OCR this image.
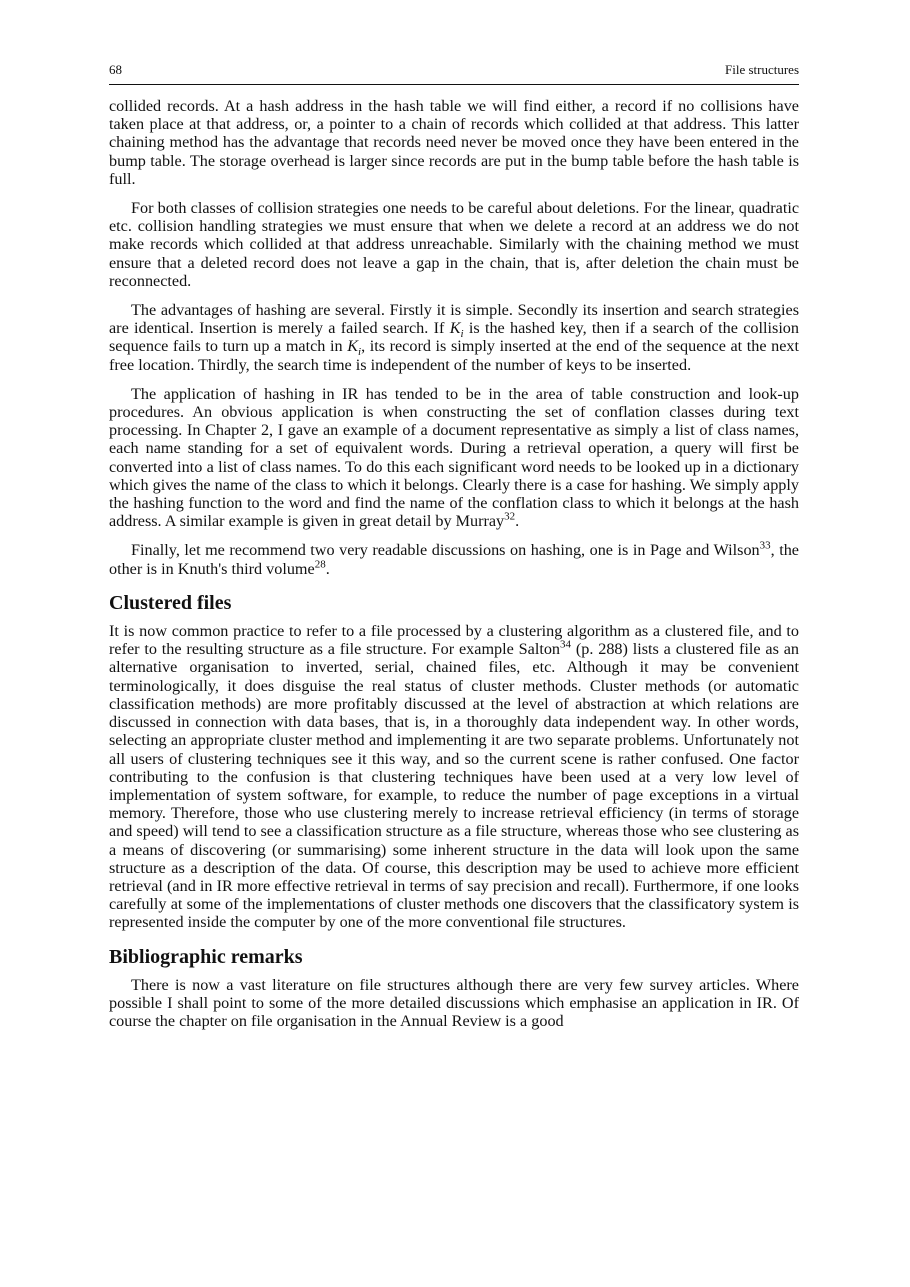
68	File structures

collided records. At a hash address in the hash table we will find either, a record if no collisions have taken place at that address, or, a pointer to a chain of records which collided at that address. This latter chaining method has the advantage that records need never be moved once they have been entered in the bump table. The storage overhead is larger since records are put in the bump table before the hash table is full.

For both classes of collision strategies one needs to be careful about deletions. For the linear, quadratic etc. collision handling strategies we must ensure that when we delete a record at an address we do not make records which collided at that address unreachable. Similarly with the chaining method we must ensure that a deleted record does not leave a gap in the chain, that is, after deletion the chain must be reconnected.

The advantages of hashing are several. Firstly it is simple. Secondly its insertion and search strategies are identical. Insertion is merely a failed search. If $K_i$ is the hashed key, then if a search of the collision sequence fails to turn up a match in $K_i$, its record is simply inserted at the end of the sequence at the next free location. Thirdly, the search time is independent of the number of keys to be inserted.

The application of hashing in IR has tended to be in the area of table construction and look-up procedures. An obvious application is when constructing the set of conflation classes during text processing. In Chapter 2, I gave an example of a document representative as simply a list of class names, each name standing for a set of equivalent words. During a retrieval operation, a query will first be converted into a list of class names. To do this each significant word needs to be looked up in a dictionary which gives the name of the class to which it belongs. Clearly there is a case for hashing. We simply apply the hashing function to the word and find the name of the conflation class to which it belongs at the hash address. A similar example is given in great detail by Murray$^{32}$.

Finally, let me recommend two very readable discussions on hashing, one is in Page and Wilson$^{33}$, the other is in Knuth's third volume$^{28}$.

Clustered files

It is now common practice to refer to a file processed by a clustering algorithm as a clustered file, and to refer to the resulting structure as a file structure. For example Salton$^{34}$ (p. 288) lists a clustered file as an alternative organisation to inverted, serial, chained files, etc. Although it may be convenient terminologically, it does disguise the real status of cluster methods. Cluster methods (or automatic classification methods) are more profitably discussed at the level of abstraction at which relations are discussed in connection with data bases, that is, in a thoroughly data independent way. In other words, selecting an appropriate cluster method and implementing it are two separate problems. Unfortunately not all users of clustering techniques see it this way, and so the current scene is rather confused. One factor contributing to the confusion is that clustering techniques have been used at a very low level of implementation of system software, for example, to reduce the number of page exceptions in a virtual memory. Therefore, those who use clustering merely to increase retrieval efficiency (in terms of storage and speed) will tend to see a classification structure as a file structure, whereas those who see clustering as a means of discovering (or summarising) some inherent structure in the data will look upon the same structure as a description of the data. Of course, this description may be used to achieve more efficient retrieval (and in IR more effective retrieval in terms of say precision and recall). Furthermore, if one looks carefully at some of the implementations of cluster methods one discovers that the classificatory system is represented inside the computer by one of the more conventional file structures.

Bibliographic remarks

There is now a vast literature on file structures although there are very few survey articles. Where possible I shall point to some of the more detailed discussions which emphasise an application in IR. Of course the chapter on file organisation in the Annual Review is a good
